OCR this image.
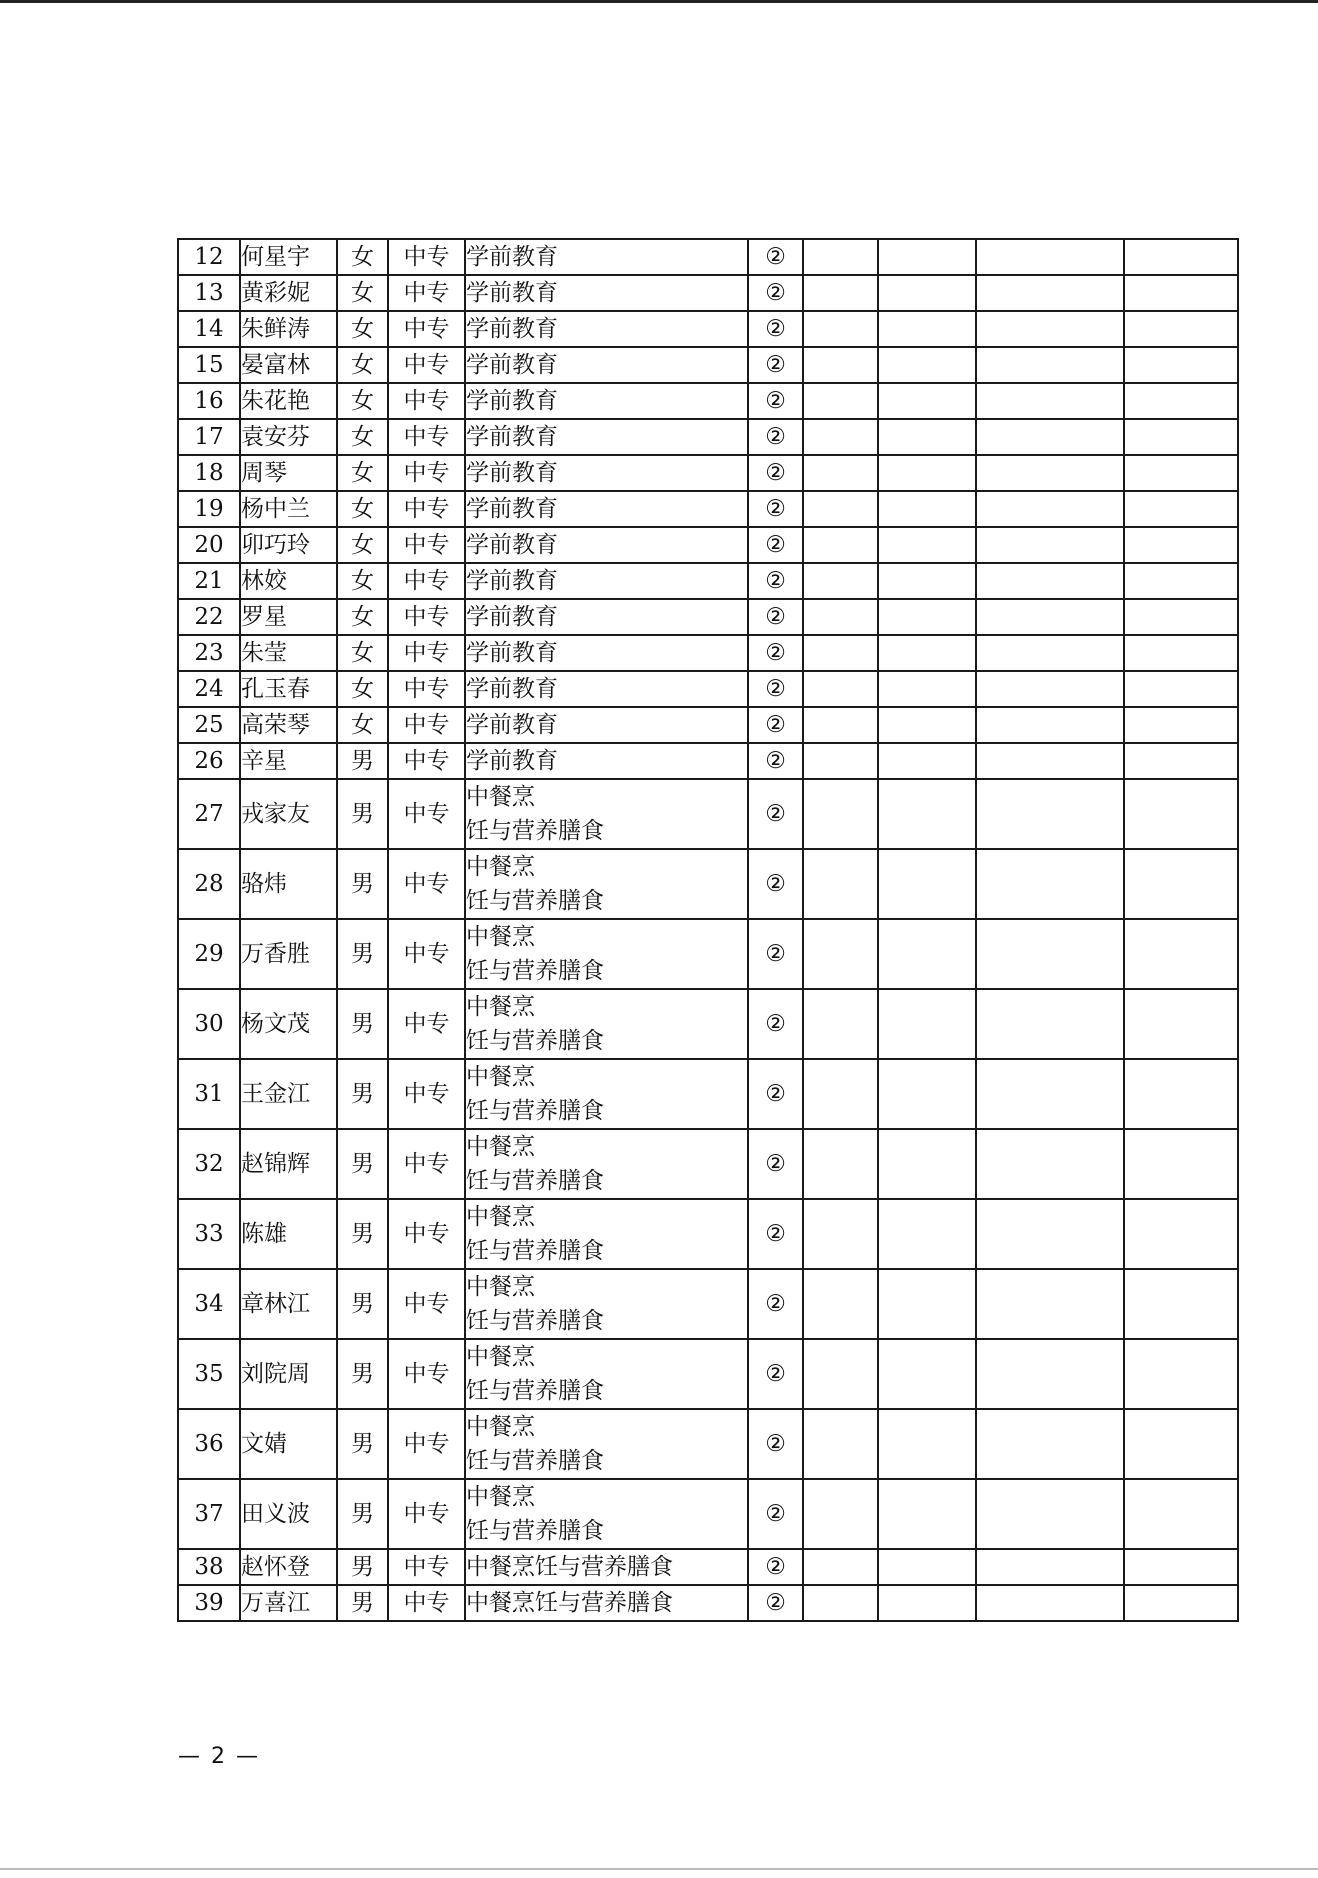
12	何星宇	女	中专	学前教育	②				
13	黄彩妮	女	中专	学前教育	②				
14	朱鲜涛	女	中专	学前教育	②				
15	晏富林	女	中专	学前教育	②				
16	朱花艳	女	中专	学前教育	②				
17	袁安芬	女	中专	学前教育	②				
18	周琴	女	中专	学前教育	②				
19	杨中兰	女	中专	学前教育	②				
20	卯巧玲	女	中专	学前教育	②				
21	林姣	女	中专	学前教育	②				
22	罗星	女	中专	学前教育	②				
23	朱莹	女	中专	学前教育	②				
24	孔玉春	女	中专	学前教育	②				
25	高荣琴	女	中专	学前教育	②				
26	辛星	男	中专	学前教育	②				
27	戎家友	男	中专	中餐烹
饪与营养膳食	②				
28	骆炜	男	中专	中餐烹
饪与营养膳食	②				
29	万香胜	男	中专	中餐烹
饪与营养膳食	②				
30	杨文茂	男	中专	中餐烹
饪与营养膳食	②				
31	王金江	男	中专	中餐烹
饪与营养膳食	②				
32	赵锦辉	男	中专	中餐烹
饪与营养膳食	②				
33	陈雄	男	中专	中餐烹
饪与营养膳食	②				
34	章林江	男	中专	中餐烹
饪与营养膳食	②				
35	刘院周	男	中专	中餐烹
饪与营养膳食	②				
36	文婧	男	中专	中餐烹
饪与营养膳食	②				
37	田义波	男	中专	中餐烹
饪与营养膳食	②				
38	赵怀登	男	中专	中餐烹饪与营养膳食	②				
39	万喜江	男	中专	中餐烹饪与营养膳食	②				
— 2 —
